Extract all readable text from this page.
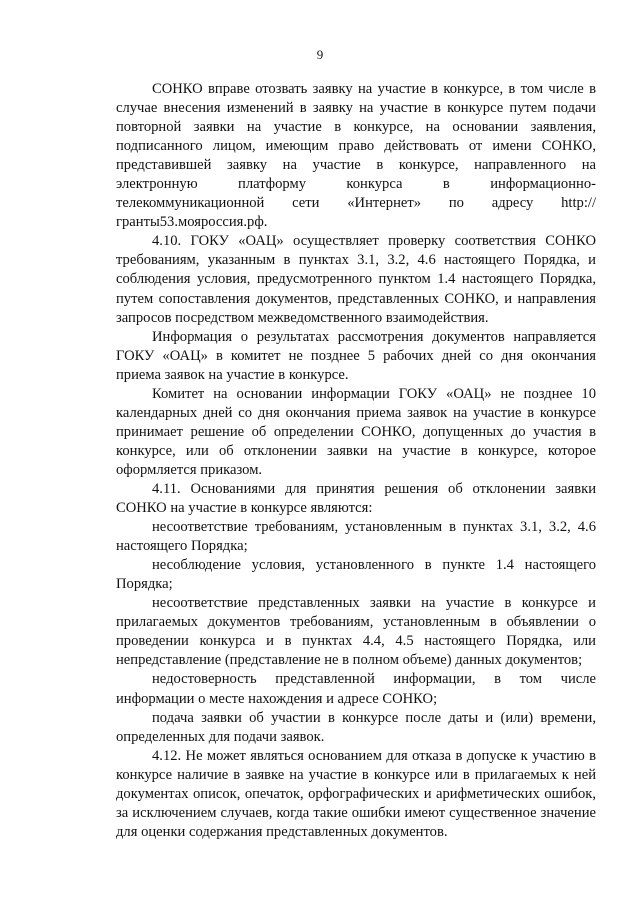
9

СОНКО вправе отозвать заявку на участие в конкурсе, в том числе в случае внесения изменений в заявку на участие в конкурсе путем подачи повторной заявки на участие в конкурсе, на основании заявления, подписанного лицом, имеющим право действовать от имени СОНКО, представившей заявку на участие в конкурсе, направленного на электронную платформу конкурса в информационно-телекоммуникационной сети «Интернет» по адресу http://гранты53.мояроссия.рф.

4.10. ГОКУ «ОАЦ» осуществляет проверку соответствия СОНКО требованиям, указанным в пунктах 3.1, 3.2, 4.6 настоящего Порядка, и соблюдения условия, предусмотренного пунктом 1.4 настоящего Порядка, путем сопоставления документов, представленных СОНКО, и направления запросов посредством межведомственного взаимодействия.

Информация о результатах рассмотрения документов направляется ГОКУ «ОАЦ» в комитет не позднее 5 рабочих дней со дня окончания приема заявок на участие в конкурсе.

Комитет на основании информации ГОКУ «ОАЦ» не позднее 10 календарных дней со дня окончания приема заявок на участие в конкурсе принимает решение об определении СОНКО, допущенных до участия в конкурсе, или об отклонении заявки на участие в конкурсе, которое оформляется приказом.

4.11. Основаниями для принятия решения об отклонении заявки СОНКО на участие в конкурсе являются:

несоответствие требованиям, установленным в пунктах 3.1, 3.2, 4.6 настоящего Порядка;

несоблюдение условия, установленного в пункте 1.4 настоящего Порядка;

несоответствие представленных заявки на участие в конкурсе и прилагаемых документов требованиям, установленным в объявлении о проведении конкурса и в пунктах 4.4, 4.5 настоящего Порядка, или непредставление (представление не в полном объеме) данных документов;

недостоверность представленной информации, в том числе информации о месте нахождения и адресе СОНКО;

подача заявки об участии в конкурсе после даты и (или) времени, определенных для подачи заявок.

4.12. Не может являться основанием для отказа в допуске к участию в конкурсе наличие в заявке на участие в конкурсе или в прилагаемых к ней документах описок, опечаток, орфографических и арифметических ошибок, за исключением случаев, когда такие ошибки имеют существенное значение для оценки содержания представленных документов.
